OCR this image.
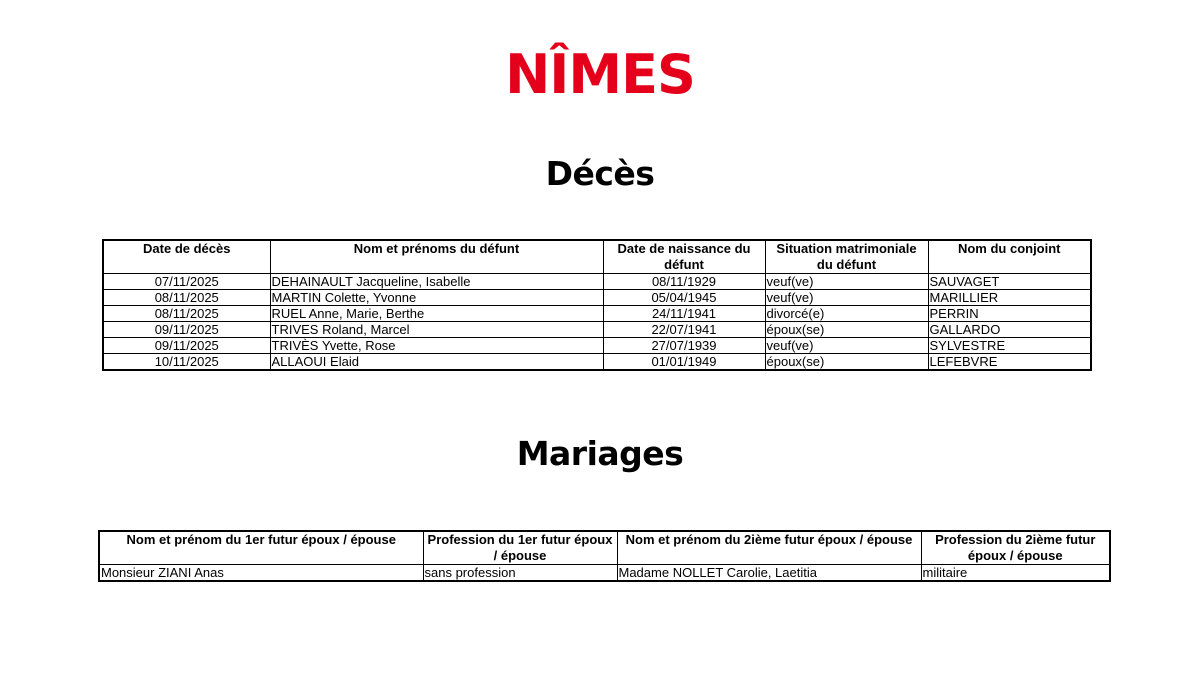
NÎMES
Décès
Date de décès	Nom et prénoms du défunt	Date de naissance du défunt	Situation matrimoniale du défunt	Nom du conjoint
07/11/2025	DEHAINAULT Jacqueline, Isabelle	08/11/1929	veuf(ve)	SAUVAGET
08/11/2025	MARTIN Colette, Yvonne	05/04/1945	veuf(ve)	MARILLIER
08/11/2025	RUEL Anne, Marie, Berthe	24/11/1941	divorcé(e)	PERRIN
09/11/2025	TRIVES Roland, Marcel	22/07/1941	époux(se)	GALLARDO
09/11/2025	TRIVÈS Yvette, Rose	27/07/1939	veuf(ve)	SYLVESTRE
10/11/2025	ALLAOUI Elaid	01/01/1949	époux(se)	LEFEBVRE
Mariages
Nom et prénom du 1er futur époux / épouse	Profession du 1er futur époux / épouse	Nom et prénom du 2ième futur époux / épouse	Profession du 2ième futur époux / épouse
Monsieur ZIANI Anas	sans profession	Madame NOLLET Carolie, Laetitia	militaire
